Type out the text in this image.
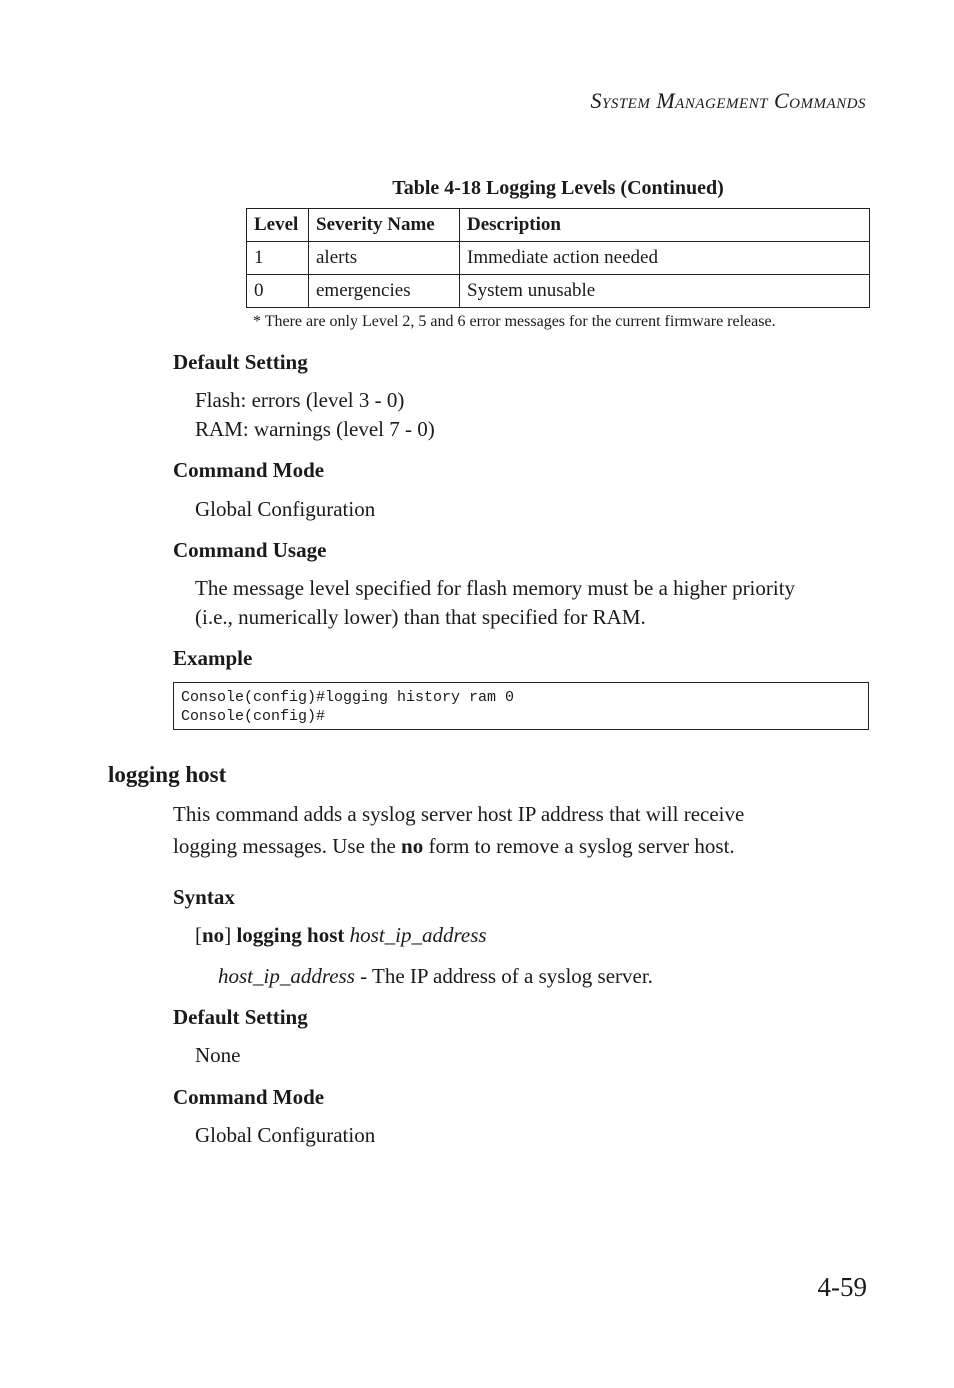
System Management Commands
Table 4-18 Logging Levels (Continued)
Level	Severity Name	Description
1	alerts	Immediate action needed
0	emergencies	System unusable
* There are only Level 2, 5 and 6 error messages for the current firmware release.
Default Setting
Flash: errors (level 3 - 0)
RAM: warnings (level 7 - 0)
Command Mode
Global Configuration
Command Usage
The message level specified for flash memory must be a higher priority
(i.e., numerically lower) than that specified for RAM.
Example
Console(config)#logging history ram 0
Console(config)#
logging host
This command adds a syslog server host IP address that will receive
logging messages. Use the no form to remove a syslog server host.
Syntax
[no] logging host host_ip_address
host_ip_address - The IP address of a syslog server.
Default Setting
None
Command Mode
Global Configuration
4-59
